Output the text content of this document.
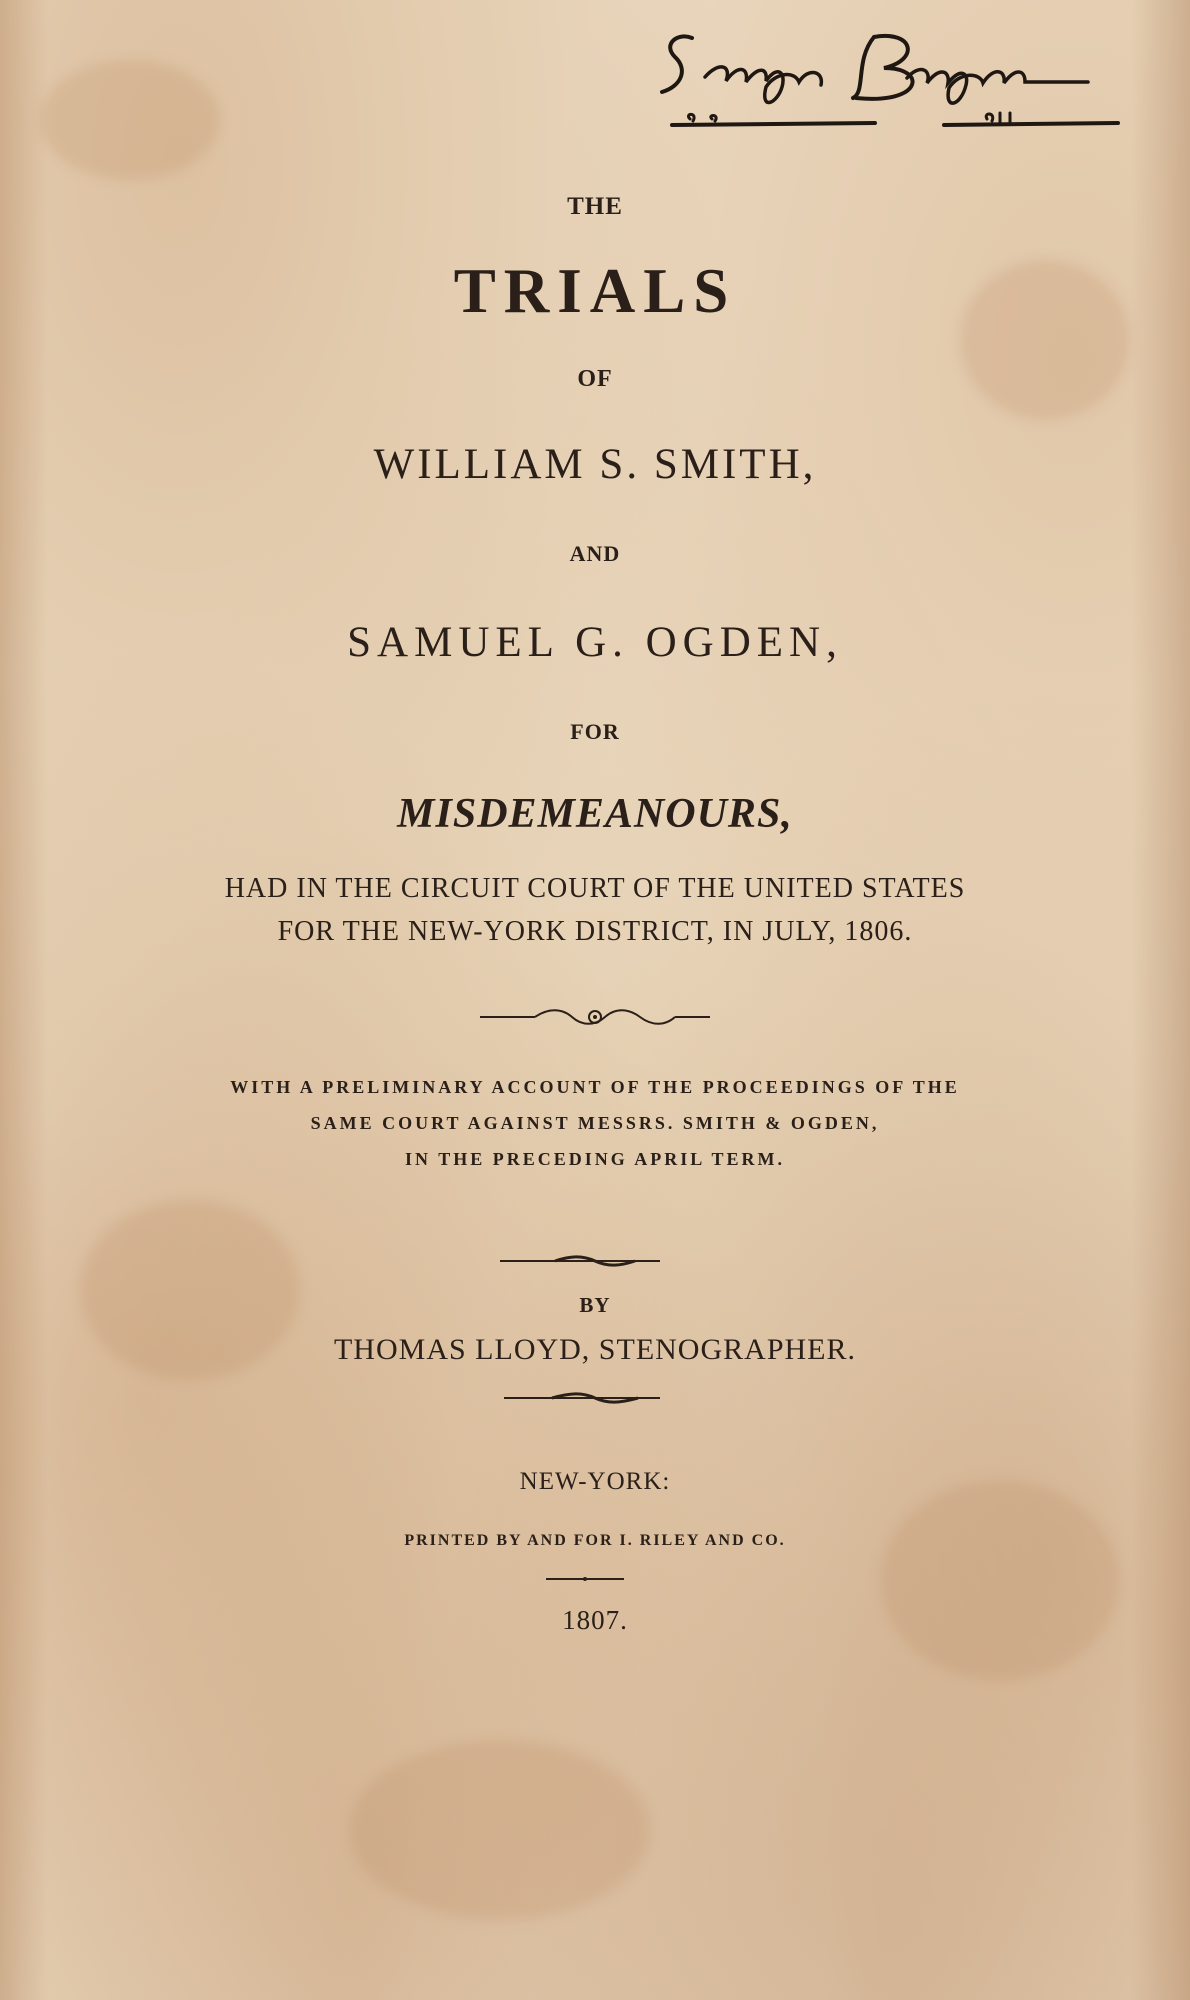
THE
TRIALS
OF
WILLIAM S. SMITH,
AND
SAMUEL G. OGDEN,
FOR
MISDEMEANOURS,
HAD IN THE CIRCUIT COURT OF THE UNITED STATES
FOR THE NEW-YORK DISTRICT, IN JULY, 1806.
WITH A PRELIMINARY ACCOUNT OF THE PROCEEDINGS OF THE
SAME COURT AGAINST MESSRS. SMITH & OGDEN,
IN THE PRECEDING APRIL TERM.
BY
THOMAS LLOYD, STENOGRAPHER.
NEW-YORK:
PRINTED BY AND FOR I. RILEY AND CO.
1807.
